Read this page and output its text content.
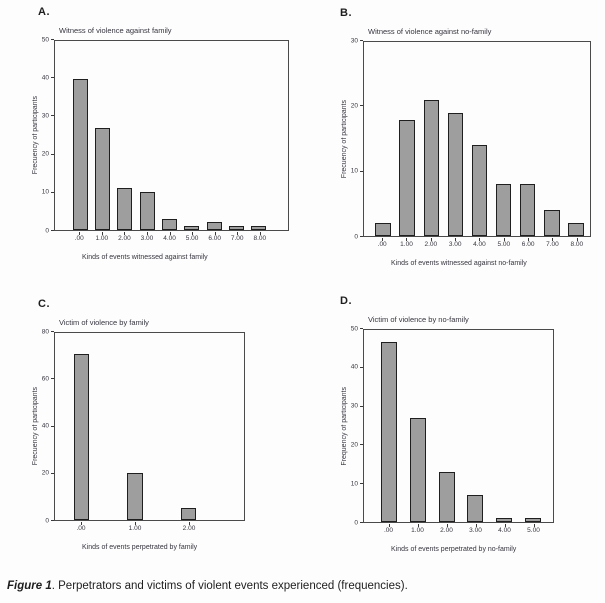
A.
Witness of violence against family
Frecuency of participants
0
10
20
30
40
50
.00	1.00	2.00	3.00	4.00	5.00	6.00	7.00	8.00
Kinds of events witnessed against family
B.
Witness of violence against no-family
Frecuency of participants
0
10
20
30
.00	1.00	2.00	3.00	4.00	5.00	6.00	7.00	8.00
Kinds of events witnessed against no-family
C.
Victim of violence by family
Frecuency of participants
0
20
40
60
80
.00	1.00	2.00
Kinds of events perpetrated by family
D.
Victim of violence by no-family
Frequency of participants
0
10
20
30
40
50
.00	1.00	2.00	3.00	4.00	5.00
Kinds of events perpetrated by no-family
Figure 1. Perpetrators and victims of violent events experienced (frequencies).
